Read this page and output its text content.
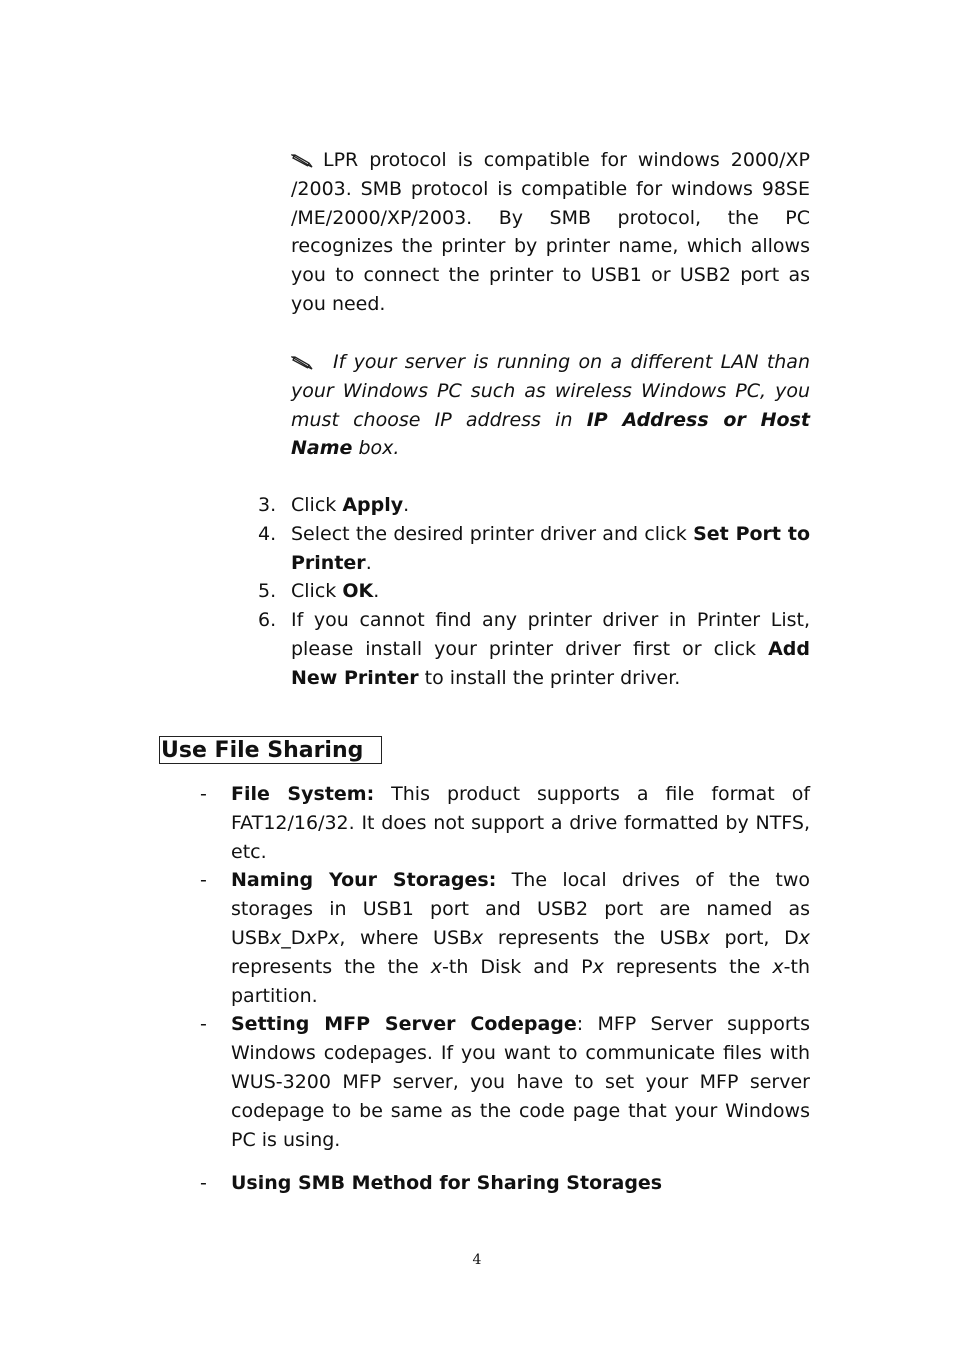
LPR protocol is compatible for windows 2000/XP /2003. SMB protocol is compatible for windows 98SE /ME/2000/XP/2003. By SMB protocol, the PC recognizes the printer by printer name, which allows you to connect the printer to USB1 or USB2 port as you need.
If your server is running on a different LAN than your Windows PC such as wireless Windows PC, you must choose IP address in IP Address or Host Name box.
3. Click Apply.
4. Select the desired printer driver and click Set Port to Printer.
5. Click OK.
6. If you cannot find any printer driver in Printer List, please install your printer driver first or click Add New Printer to install the printer driver.
Use File Sharing
- File System: This product supports a file format of FAT12/16/32. It does not support a drive formatted by NTFS, etc.
- Naming Your Storages: The local drives of the two storages in USB1 port and USB2 port are named as USBx_DxPx, where USBx represents the USBx port, Dx represents the the x-th Disk and Px represents the x-th partition.
- Setting MFP Server Codepage: MFP Server supports Windows codepages. If you want to communicate files with WUS-3200 MFP server, you have to set your MFP server codepage to be same as the code page that your Windows PC is using.
- Using SMB Method for Sharing Storages
4
